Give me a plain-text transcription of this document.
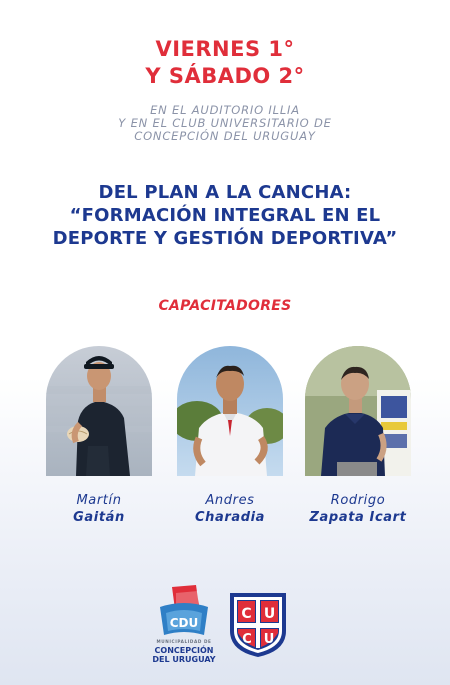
VIERNES 1°
Y SÁBADO 2°
EN EL AUDITORIO ILLIA
Y EN EL CLUB UNIVERSITARIO DE
CONCEPCIÓN DEL URUGUAY
DEL PLAN A LA CANCHA:
“FORMACIÓN INTEGRAL EN EL
DEPORTE Y GESTIÓN DEPORTIVA”
CAPACITADORES
Martín
Gaitán
Andres
Charadia
Rodrigo
Zapata Icart
CDU
MUNICIPALIDAD DE
CONCEPCIÓN
DEL URUGUAY
C U
C U
